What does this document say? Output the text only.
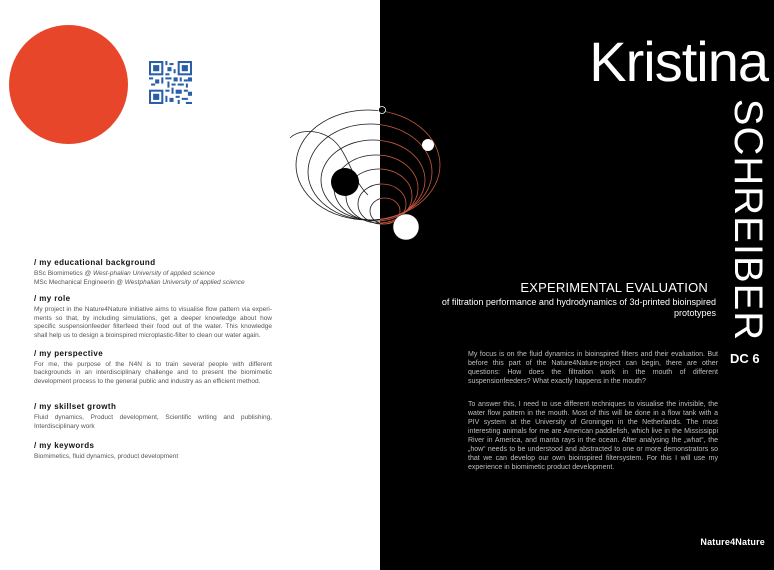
Kristina
SCHREIBER
EXPERIMENTAL EVALUATION
of filtration performance and hydrodynamics of 3d-printed bioinspired prototypes
DC 6

My focus is on the fluid dynamics in bioinspired filters and their evaluation. But before this part of the Nature4Nature-project can begin, there are other questions: How does the filtration work in the mouth of different suspensionfeeders? What exactly happens in the mouth?

To answer this, I need to use different techniques to visualise the invisible, the water flow pattern in the mouth. Most of this will be done in a flow tank with a PIV system at the University of Groningen in the Netherlands. The most interesting animals for me are American paddlefish, which live in the Mississippi River in America, and manta rays in the ocean. After analysing the „what“, the „how“ needs to be understood and abstracted to one or more demonstrators so that we can develop our own bioinspired filtersystem. For this I will use my experience in biomimetic product development.

Nature4Nature
/ my educational background
BSc Biomimetics @ West-phalian University of applied science
MSc Mechanical Engineerin @ Westphalian University of applied science
/ my role
My project in the Nature4Nature initiative aims to visualise flow pattern via experi-ments so that, by including simulations, get a deeper knowledge about how specific suspensionfeeder filterfeed their food out of the water. This knowledge shall help us to design a bioinspired microplastic-filter to clean our water again.
/ my perspective
For me, the purpose of the N4N is to train several people with different backgrounds in an interdisciplinary challenge and to present the biomimetic development process to the general public and industry as an efficient method.
/ my skillset growth
Fluid dynamics, Product development, Scientific writing and publishing, Interdisciplinary work
/ my keywords
Biomimetics, fluid dynamics, product development
